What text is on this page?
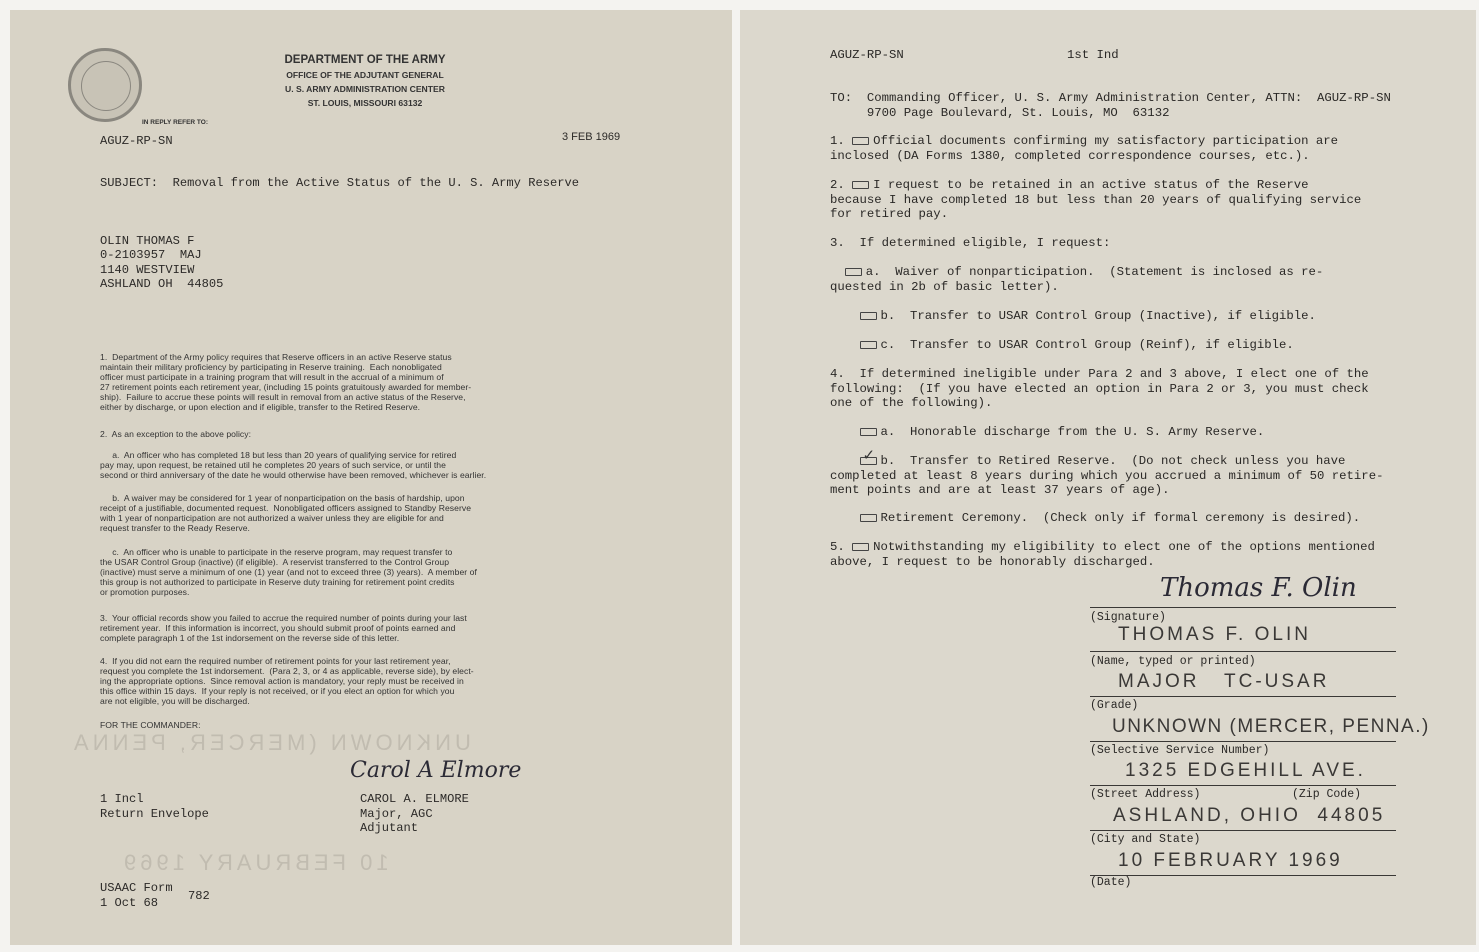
DEPARTMENT OF THE ARMY
OFFICE OF THE ADJUTANT GENERAL
U. S. ARMY ADMINISTRATION CENTER
ST. LOUIS, MISSOURI 63132
IN REPLY REFER TO:
AGUZ-RP-SN	3 FEB 1969
SUBJECT:  Removal from the Active Status of the U. S. Army Reserve
OLIN THOMAS F
0-2103957  MAJ
1140 WESTVIEW
ASHLAND OH  44805
1.  Department of the Army policy requires that Reserve officers in an active Reserve status
maintain their military proficiency by participating in Reserve training.  Each nonobligated
officer must participate in a training program that will result in the accrual of a minimum of
27 retirement points each retirement year, (including 15 points gratuitously awarded for member-
ship).  Failure to accrue these points will result in removal from an active status of the Reserve,
either by discharge, or upon election and if eligible, transfer to the Retired Reserve.
2.  As an exception to the above policy:
a.  An officer who has completed 18 but less than 20 years of qualifying service for retired
pay may, upon request, be retained util he completes 20 years of such service, or until the
second or third anniversary of the date he would otherwise have been removed, whichever is earlier.
b.  A waiver may be considered for 1 year of nonparticipation on the basis of hardship, upon
receipt of a justifiable, documented request.  Nonobligated officers assigned to Standby Reserve
with 1 year of nonparticipation are not authorized a waiver unless they are eligible for and
request transfer to the Ready Reserve.
c.  An officer who is unable to participate in the reserve program, may request transfer to
the USAR Control Group (inactive) (if eligible).  A reservist transferred to the Control Group
(inactive) must serve a minimum of one (1) year (and not to exceed three (3) years).  A member of
this group is not authorized to participate in Reserve duty training for retirement point credits
or promotion purposes.
3.  Your official records show you failed to accrue the required number of points during your last
retirement year.  If this information is incorrect, you should submit proof of points earned and
complete paragraph 1 of the 1st indorsement on the reverse side of this letter.
4.  If you did not earn the required number of retirement points for your last retirement year,
request you complete the 1st indorsement.  (Para 2, 3, or 4 as applicable, reverse side), by elect-
ing the appropriate options.  Since removal action is mandatory, your reply must be received in
this office within 15 days.  If your reply is not received, or if you elect an option for which you
are not eligible, you will be discharged.
FOR THE COMMANDER:
UNKNOWN (MERCER, PENNA
10 FEBRUARY 1969
Carol A Elmore
1 Incl
Return Envelope
CAROL A. ELMORE
Major, AGC
Adjutant
USAAC Form
1 Oct 68 782
AGUZ-RP-SN	1st Ind
TO:  Commanding Officer, U. S. Army Administration Center, ATTN:  AGUZ-RP-SN
9700 Page Boulevard, St. Louis, MO  63132
1. Official documents confirming my satisfactory participation are
inclosed (DA Forms 1380, completed correspondence courses, etc.).
2. I request to be retained in an active status of the Reserve
because I have completed 18 but less than 20 years of qualifying service
for retired pay.
3.  If determined eligible, I request:
a.  Waiver of nonparticipation.  (Statement is inclosed as re-
quested in 2b of basic letter).
b.  Transfer to USAR Control Group (Inactive), if eligible.
c.  Transfer to USAR Control Group (Reinf), if eligible.
4.  If determined ineligible under Para 2 and 3 above, I elect one of the
following:  (If you have elected an option in Para 2 or 3, you must check
one of the following).
a.  Honorable discharge from the U. S. Army Reserve.

✓ b.  Transfer to Retired Reserve.  (Do not check unless you have
completed at least 8 years during which you accrued a minimum of 50 retire-
ment points and are at least 37 years of age).
Retirement Ceremony.  (Check only if formal ceremony is desired).
5. Notwithstanding my eligibility to elect one of the options mentioned
above, I request to be honorably discharged.
Thomas F. Olin
(Signature)
THOMAS F. OLIN
(Name, typed or printed)
MAJOR   TC-USAR
(Grade)
UNKNOWN (MERCER, PENNA.)
(Selective Service Number)
1325 EDGEHILL AVE.
(Street Address)	(Zip Code)
ASHLAND, OHIO  44805
(City and State)
10 FEBRUARY 1969
(Date)
